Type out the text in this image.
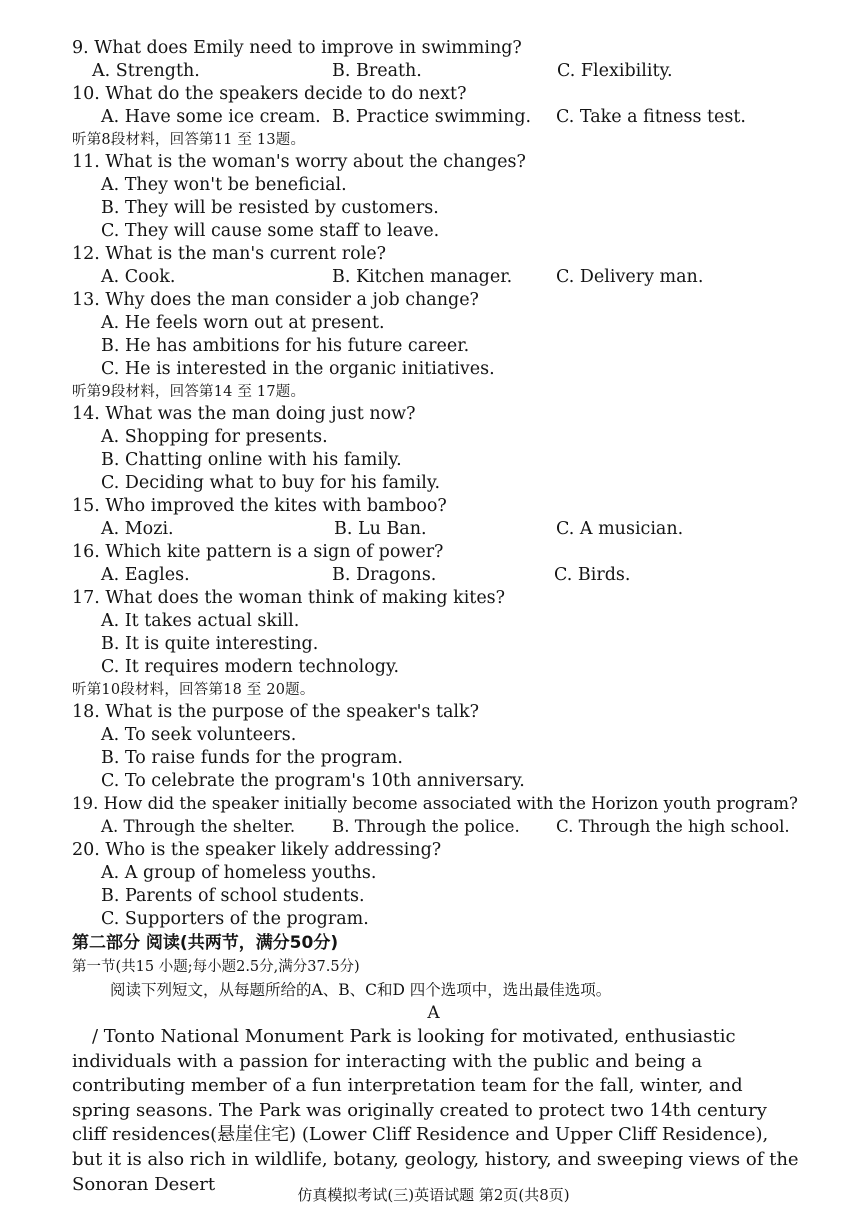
9. What does Emily need to improve in swimming?
A. Strength.	B. Breath.	C. Flexibility.
10. What do the speakers decide to do next?
A. Have some ice cream. B. Practice swimming. C. Take a fitness test.
听第8段材料，回答第11 至 13题。
11. What is the woman's worry about the changes?
A. They won't be beneficial.
B. They will be resisted by customers.
C. They will cause some staff to leave.
12. What is the man's current role?
A. Cook.	B. Kitchen manager.	C. Delivery man.
13. Why does the man consider a job change?
A. He feels worn out at present.
B. He has ambitions for his future career.
C. He is interested in the organic initiatives.
听第9段材料，回答第14 至 17题。
14. What was the man doing just now?
A. Shopping for presents.
B. Chatting online with his family.
C. Deciding what to buy for his family.
15. Who improved the kites with bamboo?
A. Mozi.	B. Lu Ban.	C. A musician.
16. Which kite pattern is a sign of power?
A. Eagles.	B. Dragons.	C. Birds.
17. What does the woman think of making kites?
A. It takes actual skill.
B. It is quite interesting.
C. It requires modern technology.
听第10段材料，回答第18 至 20题。
18. What is the purpose of the speaker's talk?
A. To seek volunteers.
B. To raise funds for the program.
C. To celebrate the program's 10th anniversary.
19. How did the speaker initially become associated with the Horizon youth program?
A. Through the shelter. B. Through the police. C. Through the high school.
20. Who is the speaker likely addressing?
A. A group of homeless youths.
B. Parents of school students.
C. Supporters of the program.
第二部分 阅读(共两节，满分50分)
第一节(共15 小题;每小题2.5分,满分37.5分)
阅读下列短文，从每题所给的A、B、C和D 四个选项中，选出最佳选项。
A
/ Tonto National Monument Park is looking for motivated, enthusiastic individuals with a passion for interacting with the public and being a contributing member of a fun interpretation team for the fall, winter, and spring seasons. The Park was originally created to protect two 14th century cliff residences(悬崖住宅) (Lower Cliff Residence and Upper Cliff Residence), but it is also rich in wildlife, botany, geology, history, and sweeping views of the Sonoran Desert
仿真模拟考试(三)英语试题 第2页(共8页)
